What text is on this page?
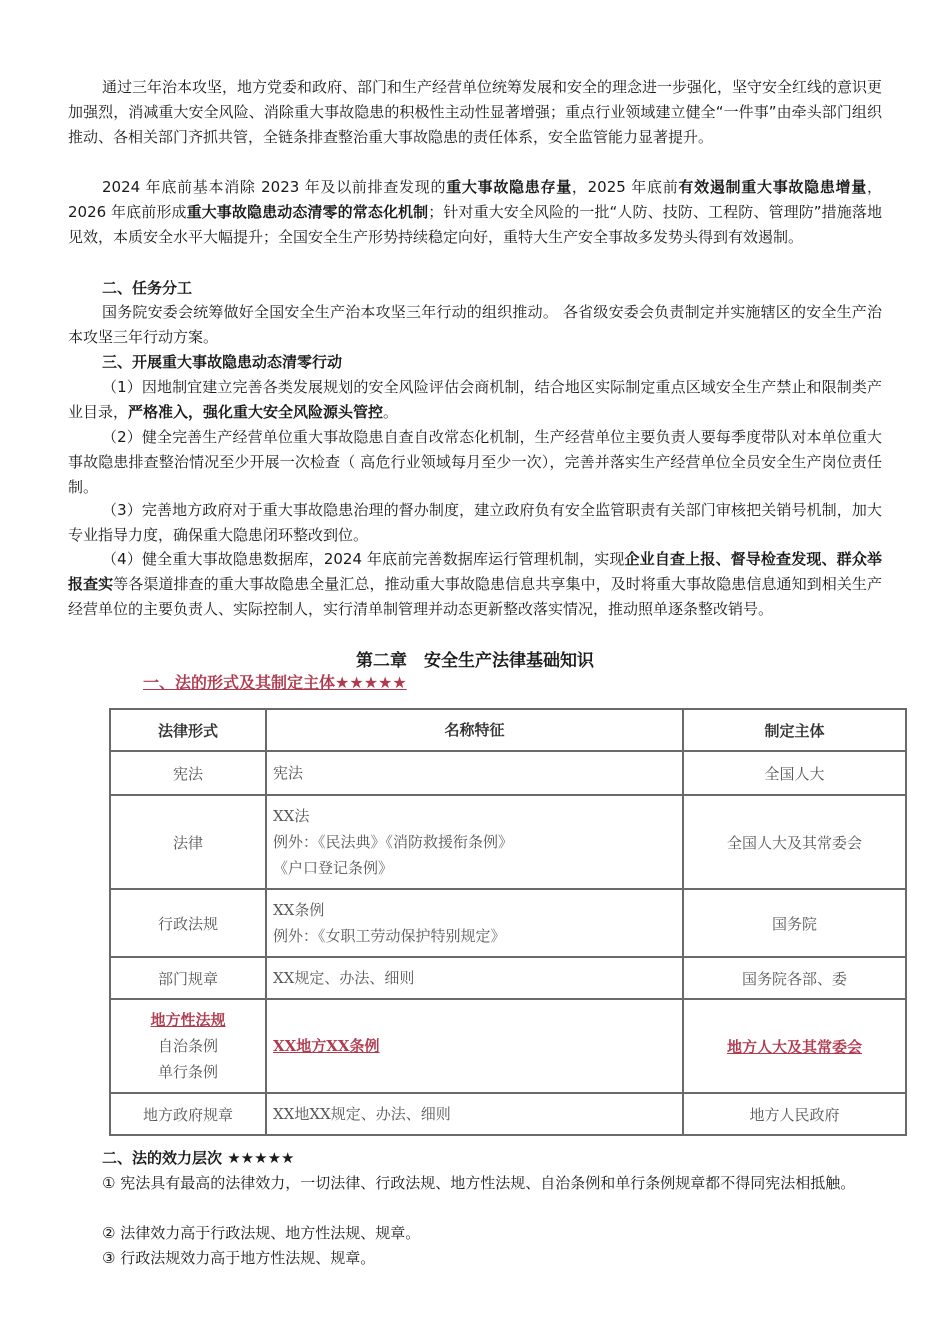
通过三年治本攻坚，地方党委和政府、部门和生产经营单位统筹发展和安全的理念进一步强化，坚守安全红线的意识更加强烈，消减重大安全风险、消除重大事故隐患的积极性主动性显著增强；重点行业领域建立健全“一件事”由牵头部门组织推动、各相关部门齐抓共管，全链条排查整治重大事故隐患的责任体系，安全监管能力显著提升。

2024 年底前基本消除 2023 年及以前排查发现的重大事故隐患存量，2025 年底前有效遏制重大事故隐患增量，2026 年底前形成重大事故隐患动态清零的常态化机制；针对重大安全风险的一批“人防、技防、工程防、管理防”措施落地见效，本质安全水平大幅提升；全国安全生产形势持续稳定向好，重特大生产安全事故多发势头得到有效遏制。

二、任务分工

国务院安委会统筹做好全国安全生产治本攻坚三年行动的组织推动。 各省级安委会负责制定并实施辖区的安全生产治本攻坚三年行动方案。

三、开展重大事故隐患动态清零行动

（1）因地制宜建立完善各类发展规划的安全风险评估会商机制，结合地区实际制定重点区域安全生产禁止和限制类产业目录，严格准入，强化重大安全风险源头管控。

（2）健全完善生产经营单位重大事故隐患自查自改常态化机制，生产经营单位主要负责人要每季度带队对本单位重大事故隐患排查整治情况至少开展一次检查（ 高危行业领域每月至少一次），完善并落实生产经营单位全员安全生产岗位责任制。

（3）完善地方政府对于重大事故隐患治理的督办制度，建立政府负有安全监管职责有关部门审核把关销号机制，加大专业指导力度，确保重大隐患闭环整改到位。

（4）健全重大事故隐患数据库，2024 年底前完善数据库运行管理机制，实现企业自查上报、督导检查发现、群众举报查实等各渠道排查的重大事故隐患全量汇总，推动重大事故隐患信息共享集中，及时将重大事故隐患信息通知到相关生产经营单位的主要负责人、实际控制人，实行清单制管理并动态更新整改落实情况，推动照单逐条整改销号。

第二章　安全生产法律基础知识

一、法的形式及其制定主体★★★★★

法律形式	名称特征	制定主体
宪法	宪法	全国人大
法律	XX法
例外：《民法典》《消防救援衔条例》
《户口登记条例》	全国人大及其常委会
行政法规	XX条例
例外：《女职工劳动保护特别规定》	国务院
部门规章	XX规定、办法、细则	国务院各部、委

地方性法规
自治条例
单行条例	XX地方XX条例	地方人大及其常委会
地方政府规章	XX地XX规定、办法、细则	地方人民政府

二、法的效力层次 ★★★★★

① 宪法具有最高的法律效力，一切法律、行政法规、地方性法规、自治条例和单行条例规章都不得同宪法相抵触。

② 法律效力高于行政法规、地方性法规、规章。

③ 行政法规效力高于地方性法规、规章。
